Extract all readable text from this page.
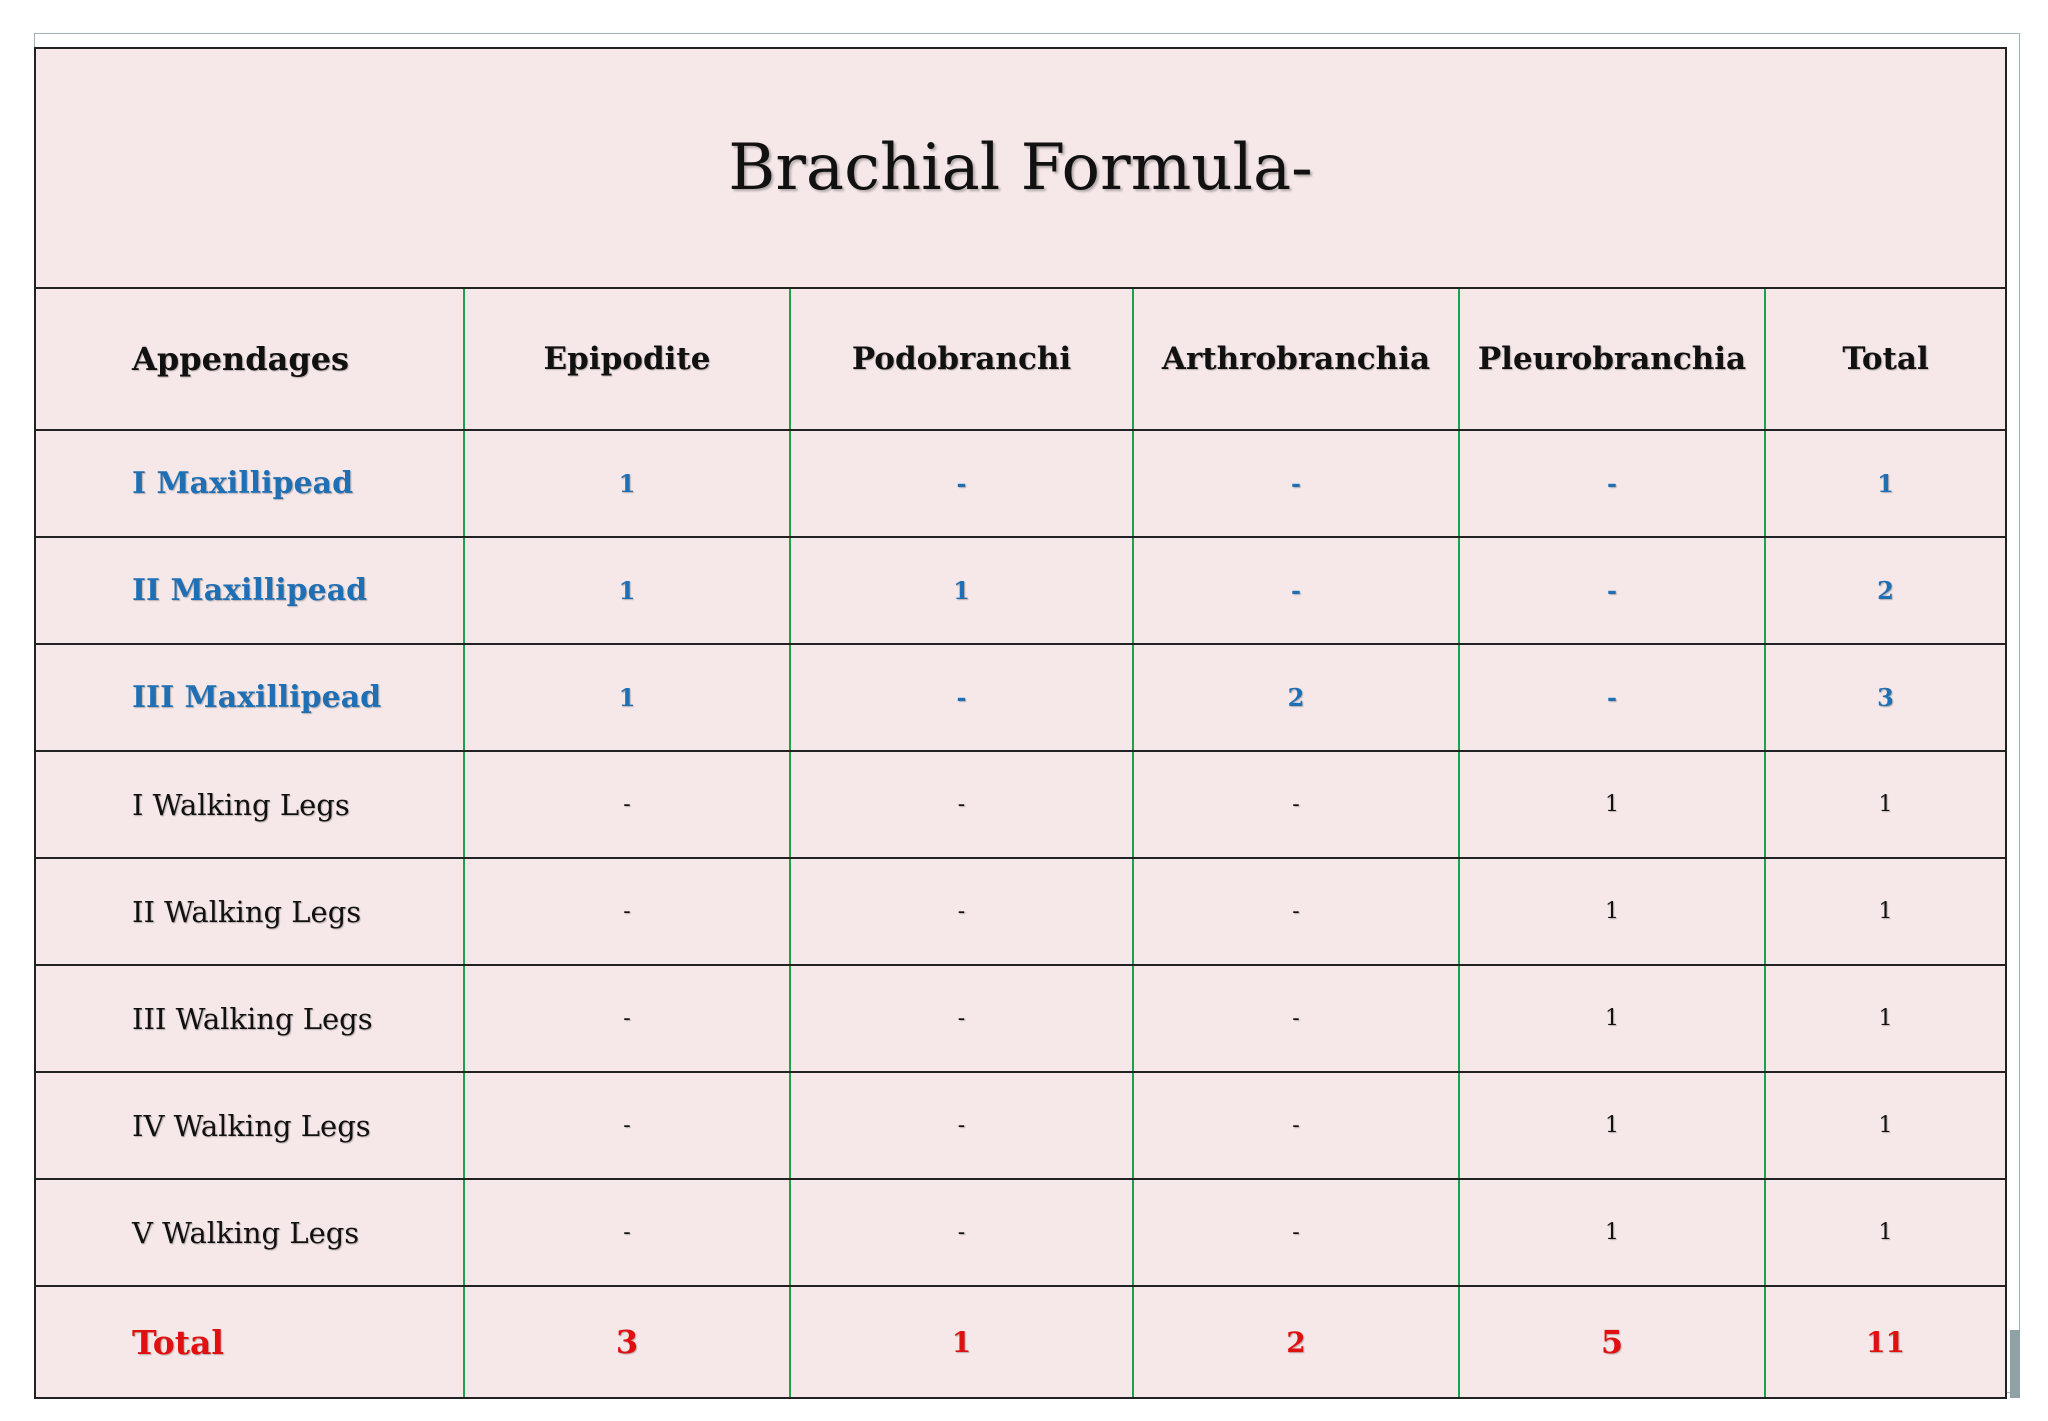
Brachial Formula-					
Appendages	Epipodite	Podobranchi	Arthrobranchia	Pleurobranchia	Total
I Maxillipead	1	-	-	-	1
II Maxillipead	1	1	-	-	2
III Maxillipead	1	-	2	-	3
I Walking Legs	-	-	-	1	1
II Walking Legs	-	-	-	1	1
III Walking Legs	-	-	-	1	1
IV Walking Legs	-	-	-	1	1
V Walking Legs	-	-	-	1	1
Total	3	1	2	5	11
